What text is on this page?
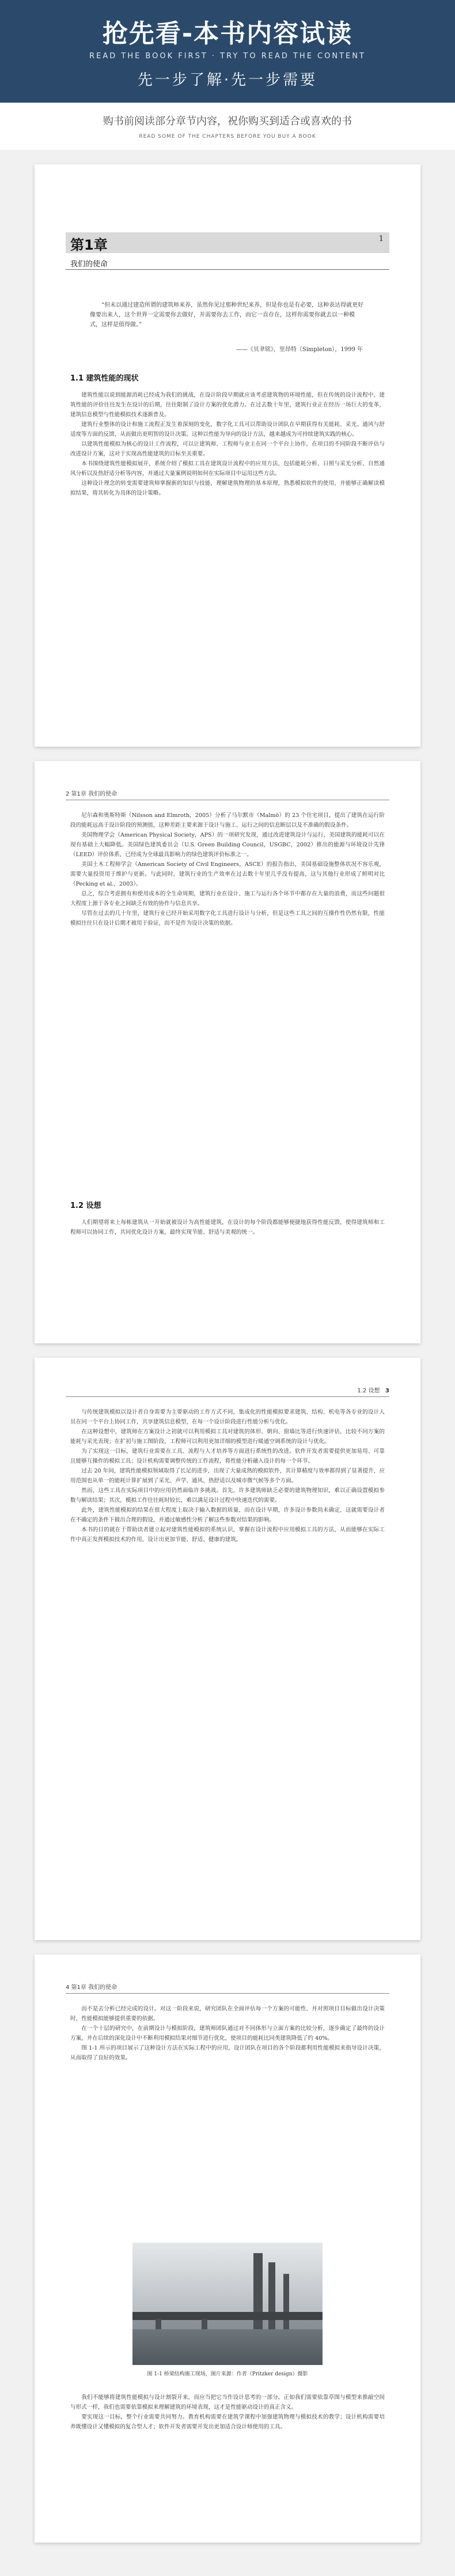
抢先看-本书内容试读
READ THE BOOK FIRST · TRY TO READ THE CONTENT
先一步了解·先一步需要
购书前阅读部分章节内容，祝你购买到适合或喜欢的书
READ SOME OF THE CHAPTERS BEFORE YOU BUY A BOOK
第1章	1
我们的使命
“但未以通过建造所谓的建筑师来养，虽然你见过那种世纪来养，但是你也是有必要，这种表达得就更好像要出来人，这个世界一定需要你去做好，并需要你去工作，而它一直存在，这样你需要你就去以一种模式，这样是值得做。”
——《贝聿铭》，里昂特（Simpleton），1999 年
1.1 建筑性能的现状

建筑性能以说到能源消耗已经成为我们的挑战，在设计阶段早期就应该考虑建筑物的环境性能，但在传统的设计流程中，建筑性能的评价往往发生在设计的后期，往往限制了设计方案的优化潜力。在过去数十年里，建筑行业正在经历一场巨大的变革，建筑信息模型与性能模拟技术逐渐普及。

建筑行业整体的设计和施工流程正发生着深刻的变化，数字化工具可以帮助设计团队在早期获得有关能耗、采光、通风与舒适度等方面的反馈，从而做出更明智的设计决策。这种以性能为导向的设计方法，越来越成为可持续建筑实践的核心。

以建筑性能模拟为核心的设计工作流程，可以让建筑师、工程师与业主在同一个平台上协作，在项目的不同阶段不断评估与改进设计方案，这对于实现高性能建筑的目标至关重要。

本书围绕建筑性能模拟展开，系统介绍了模拟工具在建筑设计流程中的应用方法，包括能耗分析、日照与采光分析、自然通风分析以及热舒适分析等内容，并通过大量案例说明如何在实际项目中运用这些方法。

这种设计理念的转变需要建筑师掌握新的知识与技能，理解建筑物理的基本原理，熟悉模拟软件的使用，并能够正确解读模拟结果，将其转化为具体的设计策略。

2 第1章 我们的使命

尼尔森和奥斯特斯（Nilsson and Elmroth，2005）分析了马尔默市（Malmö）的 23 个住宅项目，提出了建筑在运行阶段的能耗远高于设计阶段的预测值，这种差距主要来源于设计与施工、运行之间的信息断层以及不准确的假设条件。

美国物理学会（American Physical Society，APS）的一项研究发现，通过改进建筑设计与运行，美国建筑的能耗可以在现有基础上大幅降低。美国绿色建筑委员会（U.S. Green Building Council，USGBC，2002）推出的能源与环境设计先锋（LEED）评价体系，已经成为全球最具影响力的绿色建筑评价标准之一。

美国土木工程师学会（American Society of Civil Engineers，ASCE）的报告指出，美国基础设施整体状况不容乐观，需要大量投资用于维护与更新。与此同时，建筑行业的生产效率在过去数十年里几乎没有提高，这与其他行业形成了鲜明对比（Pecking et al.，2003）。

总之，综合考虑拥有和使用成本的全生命周期，建筑行业在设计、施工与运行各个环节中都存在大量的浪费，而这些问题很大程度上源于各专业之间缺乏有效的协作与信息共享。

尽管在过去的几十年里，建筑行业已经开始采用数字化工具进行设计与分析，但是这些工具之间的互操作性仍然有限，性能模拟往往只在设计后期才被用于验证，而不是作为设计决策的依据。

1.2 设想

人们期望将来上每栋建筑从一开始就被设计为高性能建筑，在设计的每个阶段都能够便捷地获得性能反馈，使得建筑师和工程师可以协同工作，共同优化设计方案，最终实现节能、舒适与美观的统一。

1.2 设想 3

与传统建筑模拟以设计者自身需要为主要驱动的工作方式不同，集成化的性能模拟要求建筑、结构、机电等各专业的设计人员在同一个平台上协同工作，共享建筑信息模型，在每一个设计阶段进行性能分析与优化。

在这种设想中，建筑师在方案设计之初就可以利用模拟工具对建筑的体形、朝向、窗墙比等进行快速评估，比较不同方案的能耗与采光表现；在扩初与施工图阶段，工程师可以利用更加详细的模型进行暖通空调系统的设计与优化。

为了实现这一目标，建筑行业需要在工具、流程与人才培养等方面进行系统性的改进。软件开发者需要提供更加易用、可靠且能够互操作的模拟工具；设计机构需要调整传统的工作流程，将性能分析融入设计的每一个环节。

过去 20 年间，建筑性能模拟领域取得了长足的进步，出现了大量成熟的模拟软件，其计算精度与效率都得到了显著提升，应用范围也从单一的能耗计算扩展到了采光、声学、通风、热舒适以及城市微气候等多个方面。

然而，这些工具在实际项目中的应用仍然面临许多挑战。首先，许多建筑师缺乏必要的建筑物理知识，难以正确设置模拟参数与解读结果；其次，模拟工作往往耗时较长，难以满足设计过程中快速迭代的需要。

此外，建筑性能模拟的结果在很大程度上取决于输入数据的质量，而在设计早期，许多设计参数尚未确定，这就需要设计者在不确定的条件下做出合理的假设，并通过敏感性分析了解这些参数对结果的影响。

本书的目的就在于帮助读者建立起对建筑性能模拟的系统认识，掌握在设计流程中应用模拟工具的方法，从而能够在实际工作中真正发挥模拟技术的作用，设计出更加节能、舒适、健康的建筑。

4 第1章 我们的使命

而不是去分析已经完成的设计。对这一阶段来说，研究团队在全面评估每一个方案的可能性、并对照项目目标做出设计决策时，性能模拟能够提供重要的依据。

在一个十层的研究中，在前期设计与模拟阶段，建筑师团队通过对不同体形与立面方案的比较分析，逐步确定了最终的设计方案，并在后续的深化设计中不断利用模拟结果对细节进行优化，使项目的能耗比同类建筑降低了约 40%。

图 1-1 所示的项目展示了这种设计方法在实际工程中的应用，设计团队在项目的各个阶段都利用性能模拟来指导设计决策，从而取得了良好的效果。

图 1-1 桥梁结构施工现场，图片来源：作者（Pritzker design）摄影

我们不能够将建筑性能模拟与设计割裂开来，而应当把它当作设计思考的一部分。正如我们需要依靠草图与模型来推敲空间与形式一样，我们也需要依靠模拟来理解建筑的环境表现，这才是性能驱动设计的真正含义。

要实现这一目标，整个行业需要共同努力。教育机构需要在建筑学课程中加强建筑物理与模拟技术的教学；设计机构需要培养既懂设计又懂模拟的复合型人才；软件开发者需要开发出更加适合设计师使用的工具。
